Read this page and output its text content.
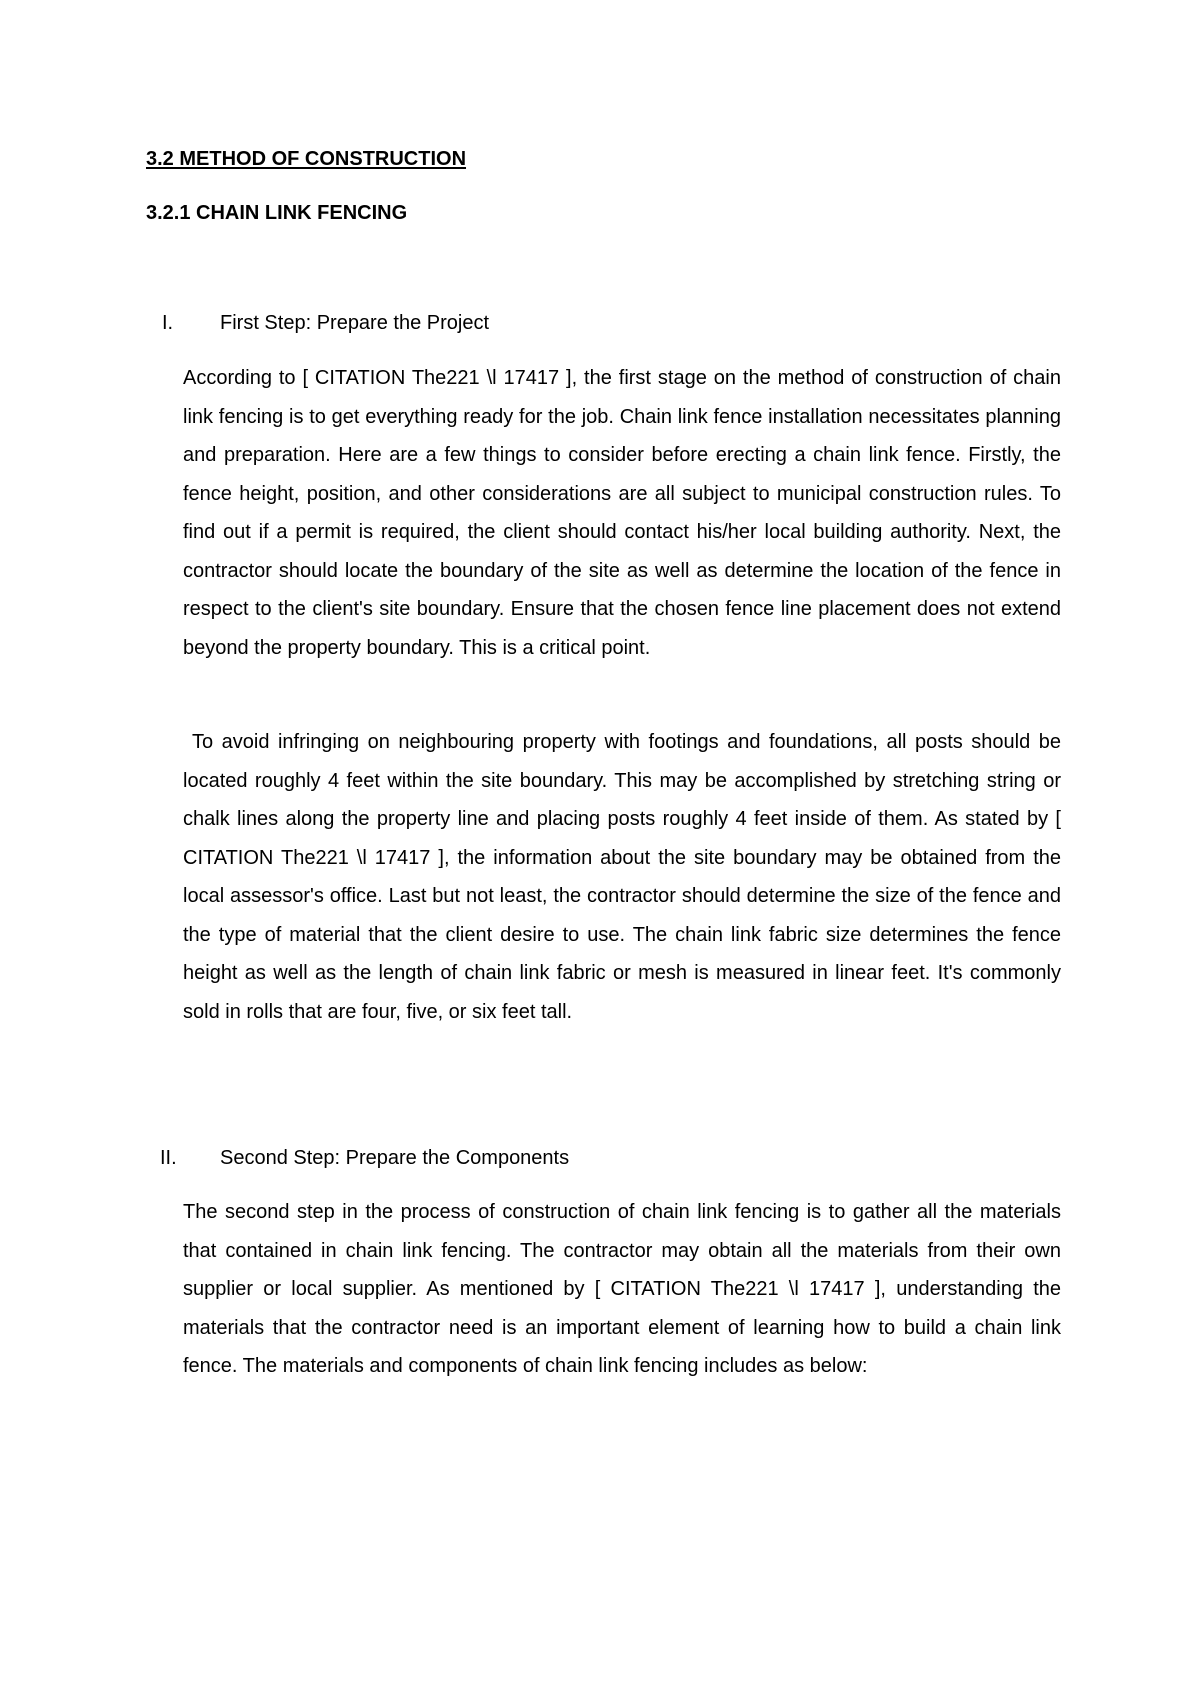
3.2 METHOD OF CONSTRUCTION
3.2.1 CHAIN LINK FENCING
I. First Step: Prepare the Project

According to [ CITATION The221 \l 17417 ], the first stage on the method of construction of chain link fencing is to get everything ready for the job. Chain link fence installation necessitates planning and preparation. Here are a few things to consider before erecting a chain link fence. Firstly, the fence height, position, and other considerations are all subject to municipal construction rules. To find out if a permit is required, the client should contact his/her local building authority. Next, the contractor should locate the boundary of the site as well as determine the location of the fence in respect to the client's site boundary. Ensure that the chosen fence line placement does not extend beyond the property boundary. This is a critical point.

To avoid infringing on neighbouring property with footings and foundations, all posts should be located roughly 4 feet within the site boundary. This may be accomplished by stretching string or chalk lines along the property line and placing posts roughly 4 feet inside of them. As stated by [ CITATION The221 \l 17417 ], the information about the site boundary may be obtained from the local assessor's office. Last but not least, the contractor should determine the size of the fence and the type of material that the client desire to use. The chain link fabric size determines the fence height as well as the length of chain link fabric or mesh is measured in linear feet. It's commonly sold in rolls that are four, five, or six feet tall.

II. Second Step: Prepare the Components

The second step in the process of construction of chain link fencing is to gather all the materials that contained in chain link fencing. The contractor may obtain all the materials from their own supplier or local supplier. As mentioned by [ CITATION The221 \l 17417 ], understanding the materials that the contractor need is an important element of learning how to build a chain link fence. The materials and components of chain link fencing includes as below:
